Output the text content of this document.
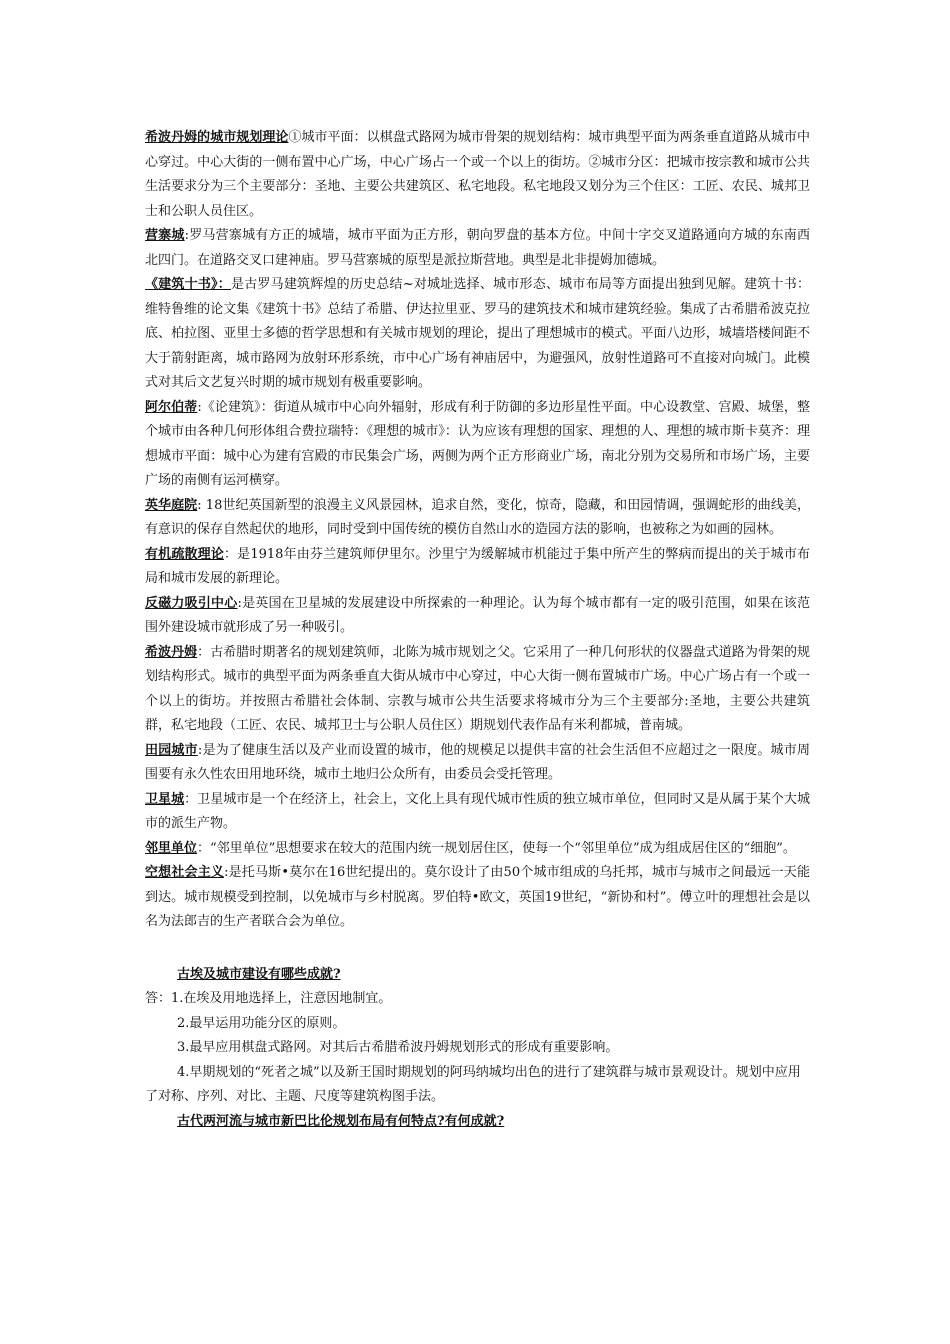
希波丹姆的城市规划理论①城市平面：以棋盘式路网为城市骨架的规划结构：城市典型平面为两条垂直道路从城市中心穿过。中心大街的一侧布置中心广场，中心广场占一个或一个以上的街坊。②城市分区：把城市按宗教和城市公共生活要求分为三个主要部分：圣地、主要公共建筑区、私宅地段。私宅地段又划分为三个住区：工匠、农民、城邦卫士和公职人员住区。

营寨城:罗马营寨城有方正的城墙，城市平面为正方形，朝向罗盘的基本方位。中间十字交叉道路通向方城的东南西北四门。在道路交叉口建神庙。罗马营寨城的原型是派拉斯营地。典型是北非提姆加德城。

《建筑十书》：是古罗马建筑辉煌的历史总结~对城址选择、城市形态、城市布局等方面提出独到见解。建筑十书：维特鲁维的论文集《建筑十书》总结了希腊、伊达拉里亚、罗马的建筑技术和城市建筑经验。集成了古希腊希波克拉底、柏拉图、亚里士多德的哲学思想和有关城市规划的理论，提出了理想城市的模式。平面八边形，城墙塔楼间距不大于箭射距离，城市路网为放射环形系统，市中心广场有神庙居中，为避强风，放射性道路可不直接对向城门。此模式对其后文艺复兴时期的城市规划有极重要影响。

阿尔伯蒂:《论建筑》：街道从城市中心向外辐射，形成有利于防御的多边形星性平面。中心设教堂、宫殿、城堡，整个城市由各种几何形体组合费拉瑞特：《理想的城市》：认为应该有理想的国家、理想的人、理想的城市斯卡莫齐：理想城市平面：城中心为建有宫殿的市民集会广场，两侧为两个正方形商业广场，南北分别为交易所和市场广场，主要广场的南侧有运河横穿。

英华庭院: 18世纪英国新型的浪漫主义风景园林，追求自然，变化，惊奇，隐藏，和田园情调，强调蛇形的曲线美，有意识的保存自然起伏的地形，同时受到中国传统的模仿自然山水的造园方法的影响，也被称之为如画的园林。

有机疏散理论：是1918年由芬兰建筑师伊里尔。沙里宁为缓解城市机能过于集中所产生的弊病而提出的关于城市布局和城市发展的新理论。

反磁力吸引中心:是英国在卫星城的发展建设中所探索的一种理论。认为每个城市都有一定的吸引范围，如果在该范围外建设城市就形成了另一种吸引。

希波丹姆：古希腊时期著名的规划建筑师，北陈为城市规划之父。它采用了一种几何形状的仪器盘式道路为骨架的规划结构形式。城市的典型平面为两条垂直大街从城市中心穿过，中心大街一侧布置城市广场。中心广场占有一个或一个以上的街坊。并按照古希腊社会体制、宗教与城市公共生活要求将城市分为三个主要部分:圣地，主要公共建筑群，私宅地段（工匠、农民、城邦卫士与公职人员住区）期规划代表作品有米利都城，普南城。

田园城市:是为了健康生活以及产业而设置的城市，他的规模足以提供丰富的社会生活但不应超过之一限度。城市周围要有永久性农田用地环绕，城市土地归公众所有，由委员会受托管理。

卫星城：卫星城市是一个在经济上，社会上，文化上具有现代城市性质的独立城市单位，但同时又是从属于某个大城市的派生产物。

邻里单位：“邻里单位”思想要求在较大的范围内统一规划居住区，使每一个“邻里单位”成为组成居住区的“细胞”。

空想社会主义:是托马斯•莫尔在16世纪提出的。莫尔设计了由50个城市组成的乌托邦，城市与城市之间最远一天能到达。城市规模受到控制，以免城市与乡村脱离。罗伯特•欧文，英国19世纪，“新协和村”。傅立叶的理想社会是以名为法郎吉的生产者联合会为单位。

古埃及城市建设有哪些成就?

答：1.在埃及用地选择上，注意因地制宜。

2.最早运用功能分区的原则。

3.最早应用棋盘式路网。对其后古希腊希波丹姆规划形式的形成有重要影响。

4.早期规划的“死者之城”以及新王国时期规划的阿玛纳城均出色的进行了建筑群与城市景观设计。规划中应用了对称、序列、对比、主题、尺度等建筑构图手法。

古代两河流与城市新巴比伦规划布局有何特点?有何成就?
